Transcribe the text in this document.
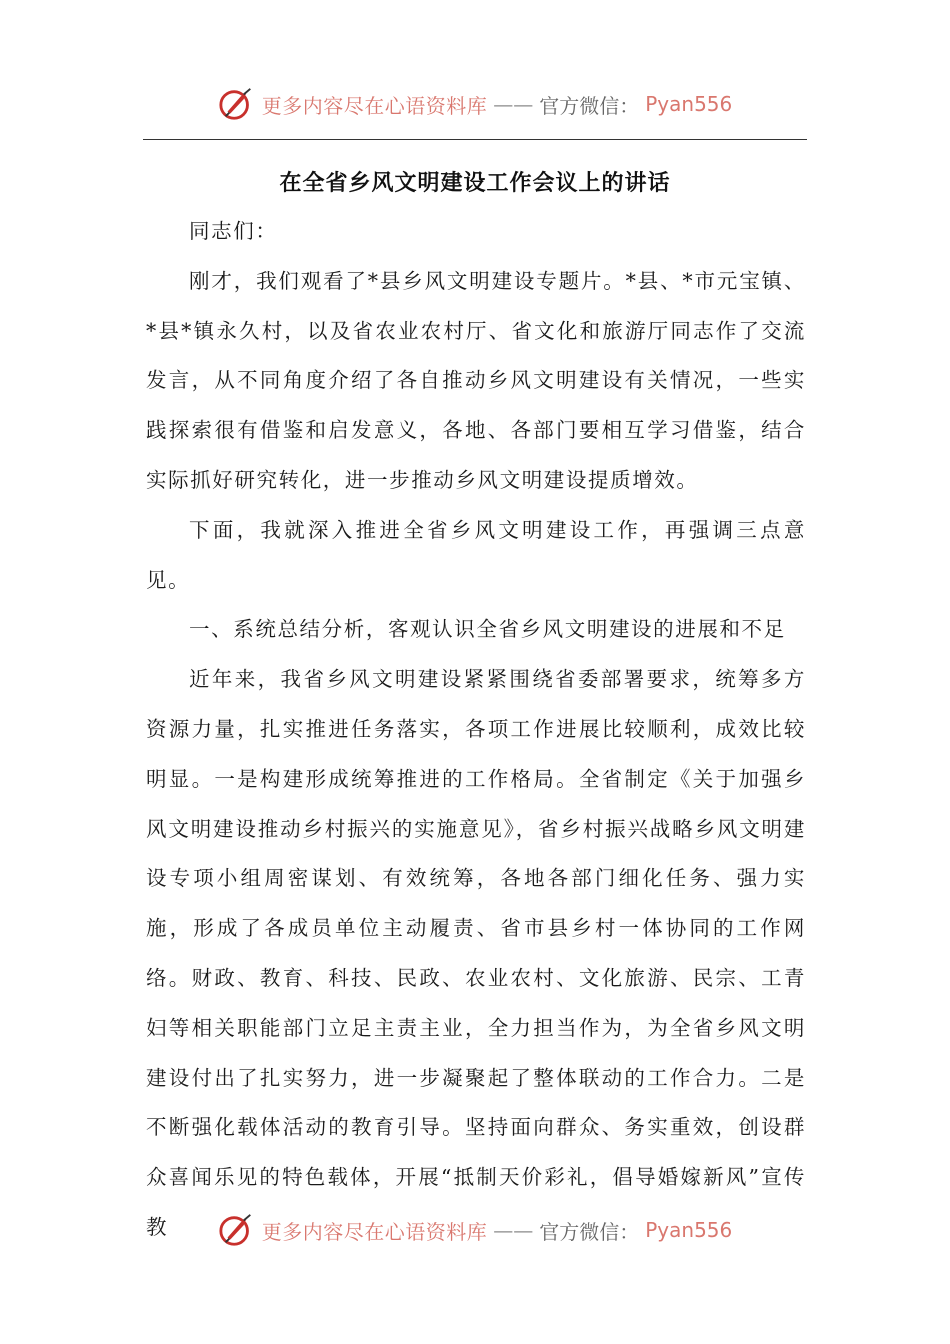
更多内容尽在心语资料库 —— 官方微信： Pyan556
在全省乡风文明建设工作会议上的讲话

同志们：

刚才，我们观看了*县乡风文明建设专题片。*县、*市元宝镇、*县*镇永久村，以及省农业农村厅、省文化和旅游厅同志作了交流发言，从不同角度介绍了各自推动乡风文明建设有关情况，一些实践探索很有借鉴和启发意义，各地、各部门要相互学习借鉴，结合实际抓好研究转化，进一步推动乡风文明建设提质增效。

下面，我就深入推进全省乡风文明建设工作，再强调三点意见。

一、系统总结分析，客观认识全省乡风文明建设的进展和不足

近年来，我省乡风文明建设紧紧围绕省委部署要求，统筹多方资源力量，扎实推进任务落实，各项工作进展比较顺利，成效比较明显。一是构建形成统筹推进的工作格局。全省制定《关于加强乡风文明建设推动乡村振兴的实施意见》，省乡村振兴战略乡风文明建设专项小组周密谋划、有效统筹，各地各部门细化任务、强力实施，形成了各成员单位主动履责、省市县乡村一体协同的工作网络。财政、教育、科技、民政、农业农村、文化旅游、民宗、工青妇等相关职能部门立足主责主业，全力担当作为，为全省乡风文明建设付出了扎实努力，进一步凝聚起了整体联动的工作合力。二是不断强化载体活动的教育引导。坚持面向群众、务实重效，创设群众喜闻乐见的特色载体，开展“抵制天价彩礼，倡导婚嫁新风”宣传教	更多内容尽在心语资料库 —— 官方微信： Pyan556
